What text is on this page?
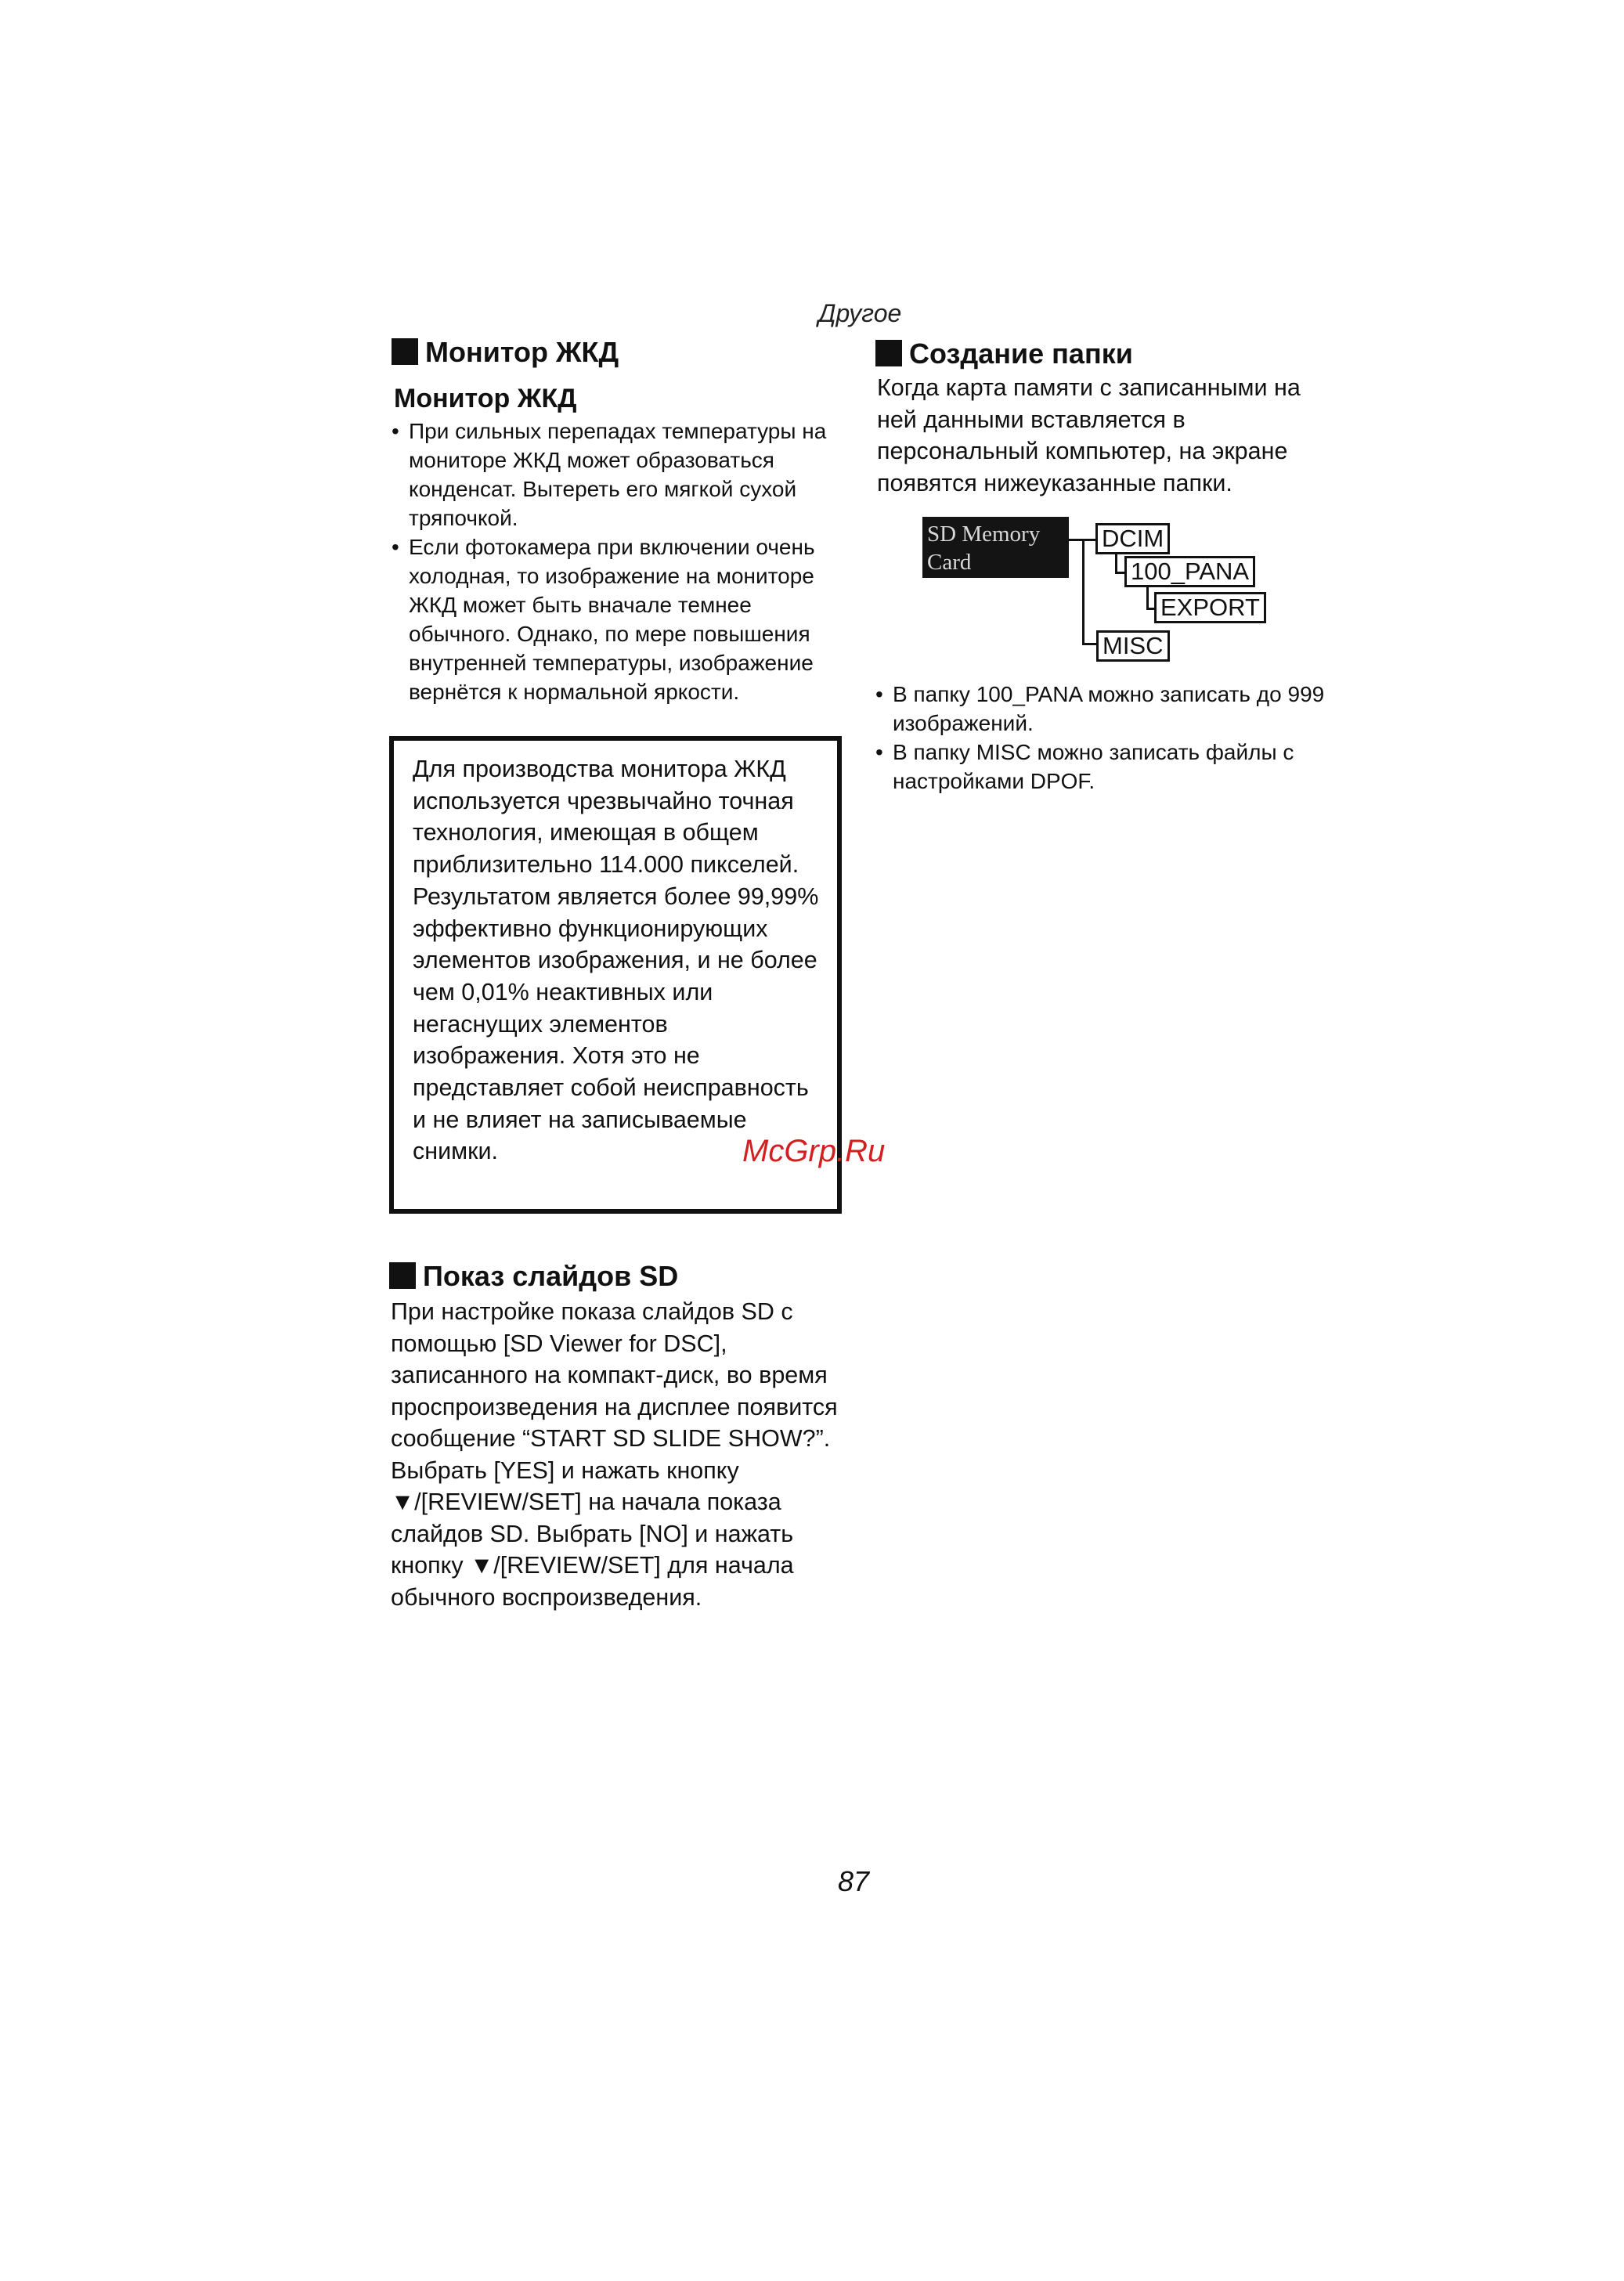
Другое
Монитор ЖКД
Монитор ЖКД
• При сильных перепадах температуры на мониторе ЖКД может образоваться конденсат. Вытереть его мягкой сухой тряпочкой.
• Если фотокамера при включении очень холодная, то изображение на мониторе ЖКД может быть вначале темнее обычного. Однако, по мере повышения внутренней температуры, изображение вернётся к нормальной яркости.
Для производства монитора ЖКД используется чрезвычайно точная технология, имеющая в общем приблизительно 114.000 пикселей. Результатом является более 99,99% эффективно функционирующих элементов изображения, и не более чем 0,01% неактивных или негаснущих элементов изображения. Хотя это не представляет собой неисправность и не влияет на записываемые снимки.
Показ слайдов SD
При настройке показа слайдов SD с помощью [SD Viewer for DSC], записанного на компакт-диск, во время проспроизведения на дисплее появится сообщение “START SD SLIDE SHOW?”. Выбрать [YES] и нажать кнопку ▼/[REVIEW/SET] на начала показа слайдов SD. Выбрать [NO] и нажать кнопку ▼/[REVIEW/SET] для начала обычного воспроизведения.
Создание папки
Когда карта памяти с записанными на ней данными вставляется в персональный компьютер, на экране появятся нижеуказанные папки.
SD Memory
Card
DCIM
100_PANA
EXPORT
MISC
• В папку 100_PANA можно записать до 999 изображений.
• В папку MISC можно записать файлы с настройками DPOF.
McGrp.Ru
87
